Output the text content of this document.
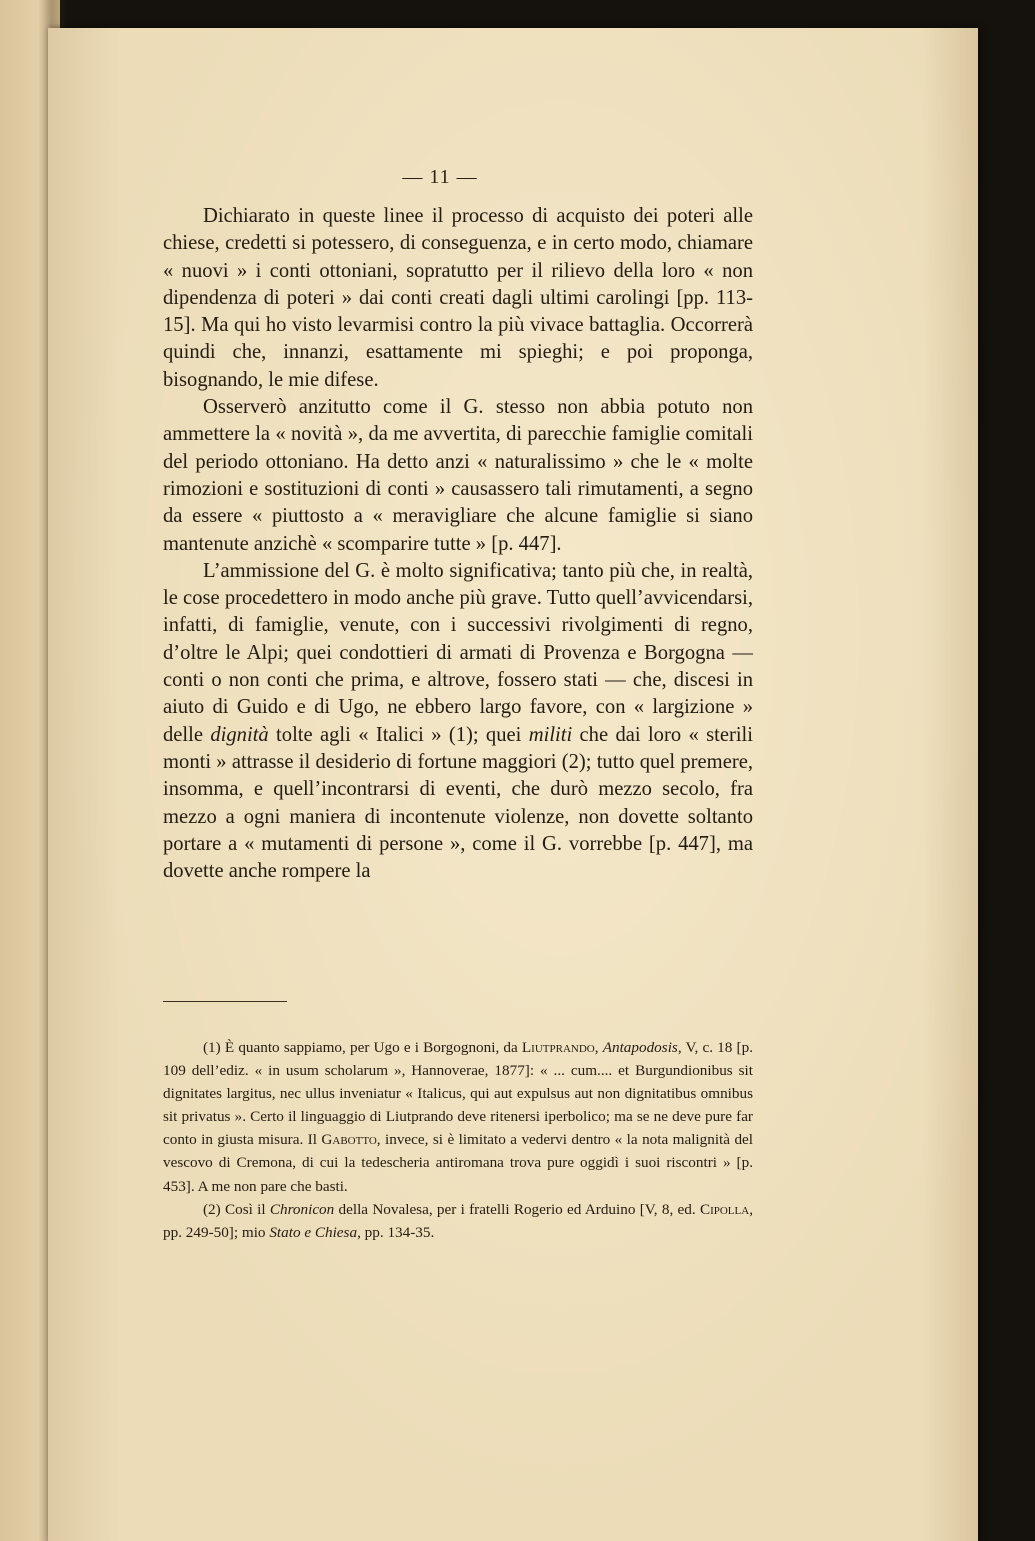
— 11 —

Dichiarato in queste linee il processo di acquisto dei poteri alle chiese, credetti si potessero, di conseguenza, e in certo modo, chiamare « nuovi » i conti ottoniani, sopratutto per il rilievo della loro « non dipendenza di poteri » dai conti creati dagli ultimi carolingi [pp. 113-15]. Ma qui ho visto levarmisi contro la più vivace battaglia. Occorrerà quindi che, innanzi, esattamente mi spieghi; e poi proponga, bisognando, le mie difese.

Osserverò anzitutto come il G. stesso non abbia potuto non ammettere la « novità », da me avvertita, di parecchie famiglie comitali del periodo ottoniano. Ha detto anzi « naturalissimo » che le « molte rimozioni e sostituzioni di conti » causassero tali rimutamenti, a segno da essere « piuttosto a « meravigliare che alcune famiglie si siano mantenute anzichè « scomparire tutte » [p. 447].

L’ammissione del G. è molto significativa; tanto più che, in realtà, le cose procedettero in modo anche più grave. Tutto quell’avvicendarsi, infatti, di famiglie, venute, con i successivi rivolgimenti di regno, d’oltre le Alpi; quei condottieri di armati di Provenza e Borgogna — conti o non conti che prima, e altrove, fossero stati — che, discesi in aiuto di Guido e di Ugo, ne ebbero largo favore, con « largizione » delle dignità tolte agli « Italici » (1); quei militi che dai loro « sterili monti » attrasse il desiderio di fortune maggiori (2); tutto quel premere, insomma, e quell’incontrarsi di eventi, che durò mezzo secolo, fra mezzo a ogni maniera di incontenute violenze, non dovette soltanto portare a « mutamenti di persone », come il G. vorrebbe [p. 447], ma dovette anche rompere la

(1) È quanto sappiamo, per Ugo e i Borgognoni, da Liutprando, Antapodosis, V, c. 18 [p. 109 dell’ediz. « in usum scholarum », Hannoverae, 1877]: « ... cum.... et Burgundionibus sit dignitates largitus, nec ullus inveniatur « Italicus, qui aut expulsus aut non dignitatibus omnibus sit privatus ». Certo il linguaggio di Liutprando deve ritenersi iperbolico; ma se ne deve pure far conto in giusta misura. Il Gabotto, invece, si è limitato a vedervi dentro « la nota malignità del vescovo di Cremona, di cui la tedescheria antiromana trova pure oggidì i suoi riscontri » [p. 453]. A me non pare che basti.

(2) Così il Chronicon della Novalesa, per i fratelli Rogerio ed Arduino [V, 8, ed. Cipolla, pp. 249-50]; mio Stato e Chiesa, pp. 134-35.
